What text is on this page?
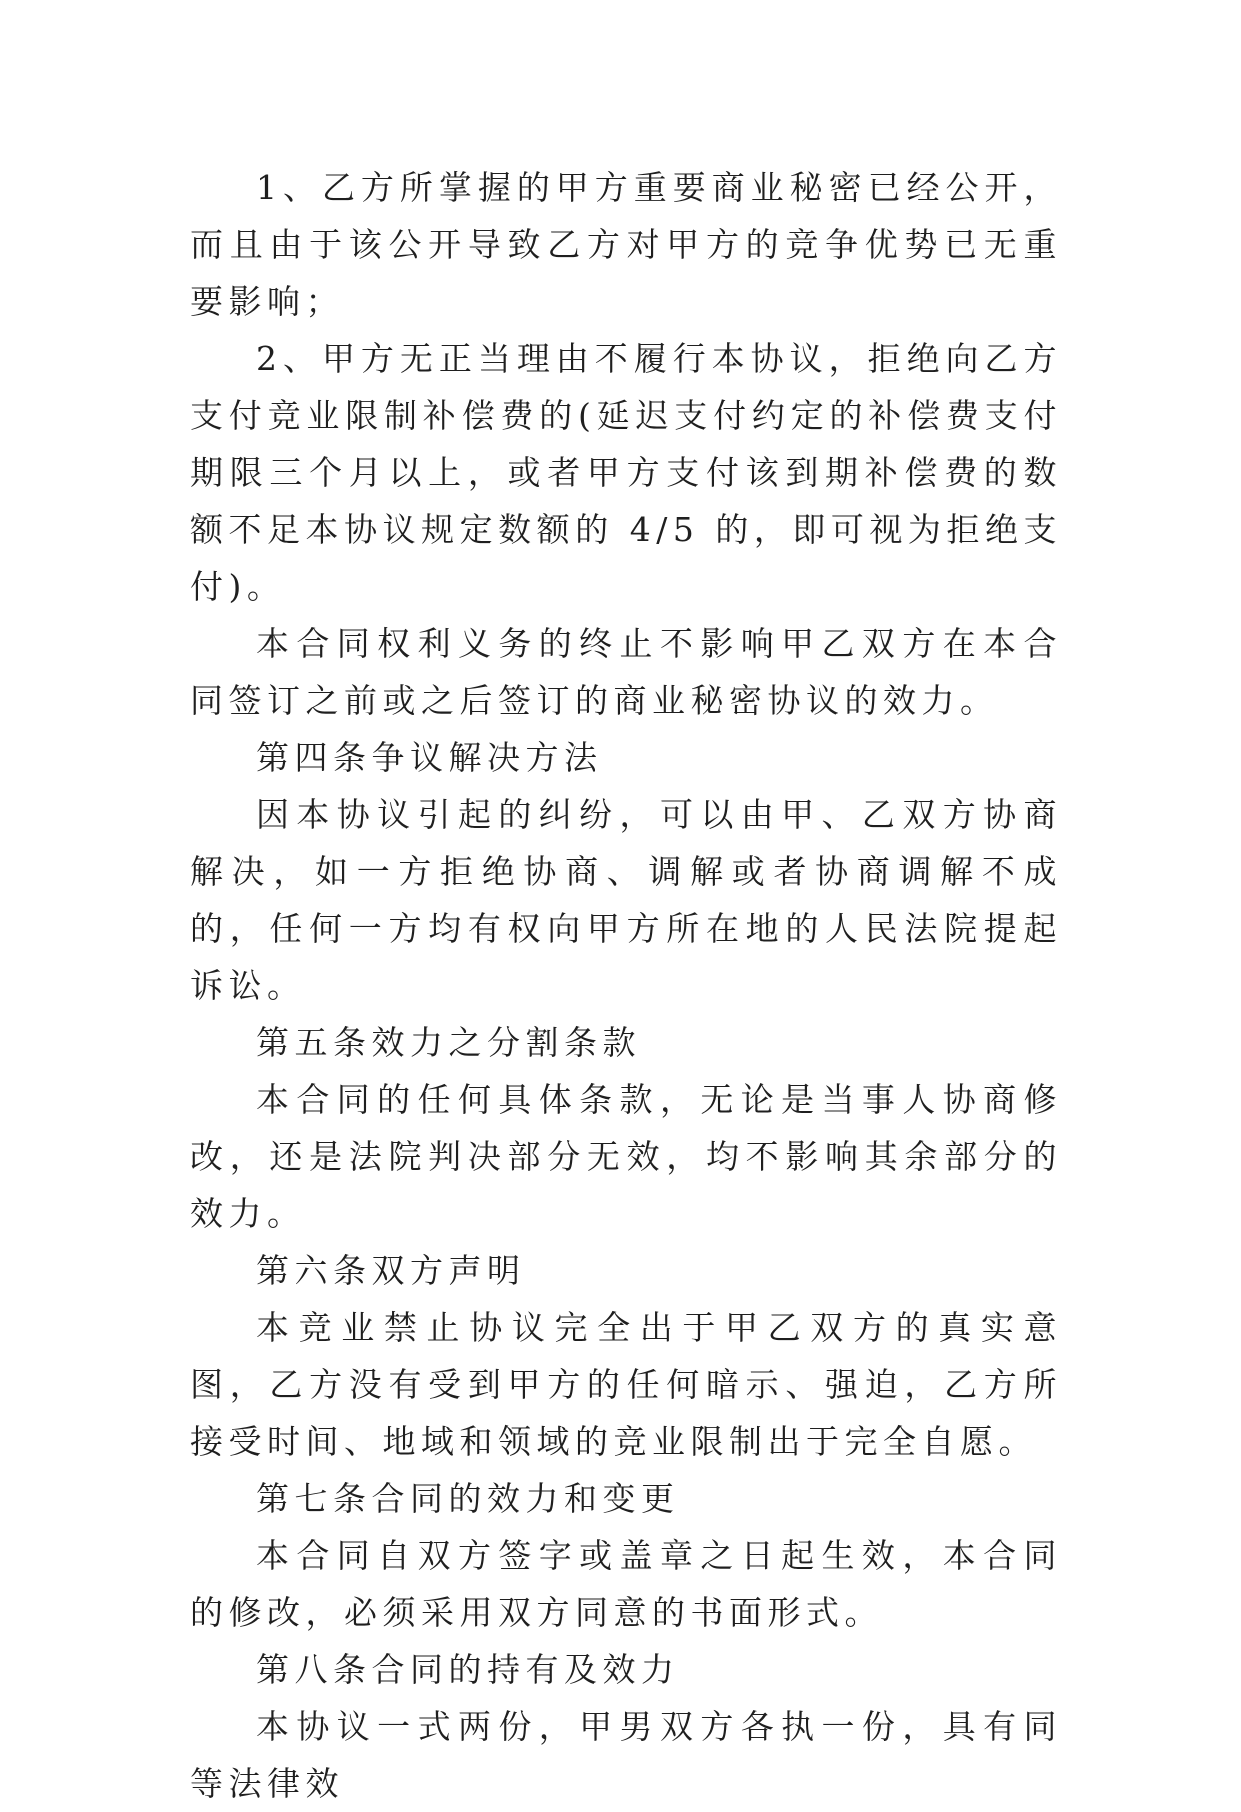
1、乙方所掌握的甲方重要商业秘密已经公开，而且由于该公开导致乙方对甲方的竞争优势已无重要影响；

2、甲方无正当理由不履行本协议，拒绝向乙方支付竞业限制补偿费的(延迟支付约定的补偿费支付期限三个月以上，或者甲方支付该到期补偿费的数额不足本协议规定数额的 4/5 的，即可视为拒绝支付)。

本合同权利义务的终止不影响甲乙双方在本合同签订之前或之后签订的商业秘密协议的效力。

第四条争议解决方法

因本协议引起的纠纷，可以由甲、乙双方协商解决，如一方拒绝协商、调解或者协商调解不成的，任何一方均有权向甲方所在地的人民法院提起诉讼。

第五条效力之分割条款

本合同的任何具体条款，无论是当事人协商修改，还是法院判决部分无效，均不影响其余部分的效力。

第六条双方声明

本竞业禁止协议完全出于甲乙双方的真实意图，乙方没有受到甲方的任何暗示、强迫，乙方所接受时间、地域和领域的竞业限制出于完全自愿。

第七条合同的效力和变更

本合同自双方签字或盖章之日起生效，本合同的修改，必须采用双方同意的书面形式。

第八条合同的持有及效力

本协议一式两份，甲男双方各执一份，具有同等法律效
